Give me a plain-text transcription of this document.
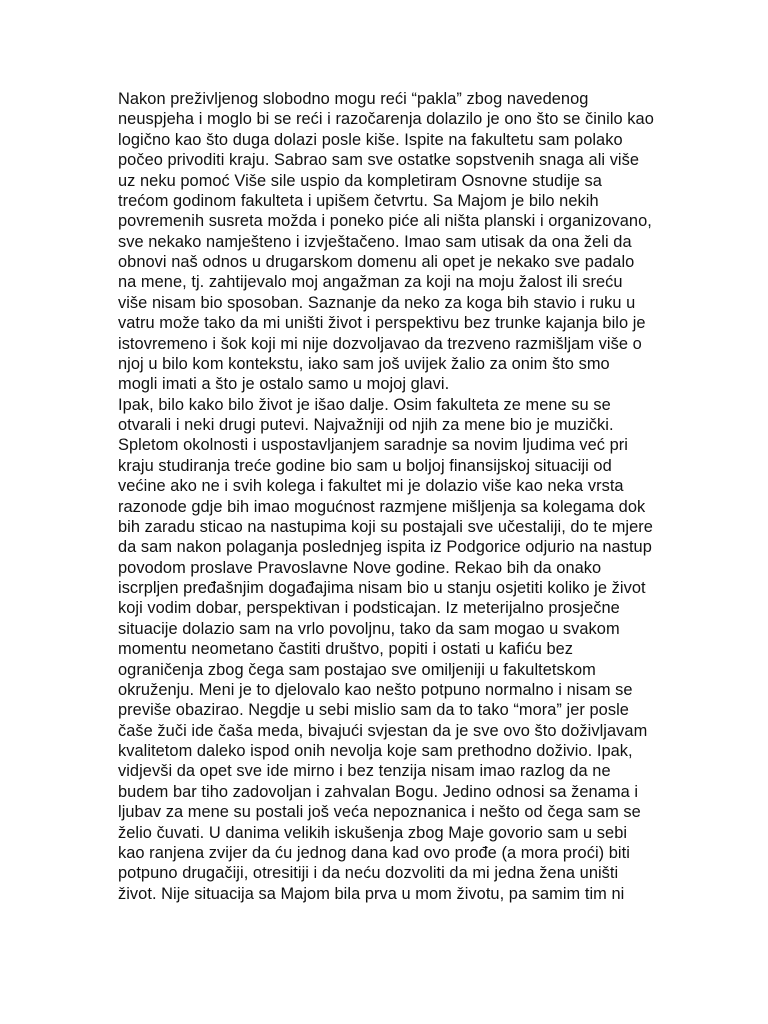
Nakon preživljenog slobodno mogu reći “pakla” zbog navedenog
neuspjeha i moglo bi se reći i razočarenja dolazilo je ono što se činilo kao
logično kao što duga dolazi posle kiše. Ispite na fakultetu sam polako
počeo privoditi kraju. Sabrao sam sve ostatke sopstvenih snaga ali više
uz neku pomoć Više sile uspio da kompletiram Osnovne studije sa
trećom godinom fakulteta i upišem četvrtu. Sa Majom je bilo nekih
povremenih susreta možda i poneko piće ali ništa planski i organizovano,
sve nekako namješteno i izvještačeno. Imao sam utisak da ona želi da
obnovi naš odnos u drugarskom domenu ali opet je nekako sve padalo
na mene, tj. zahtijevalo moj angažman za koji na moju žalost ili sreću
više nisam bio sposoban. Saznanje da neko za koga bih stavio i ruku u
vatru može tako da mi uništi život i perspektivu bez trunke kajanja bilo je
istovremeno i šok koji mi nije dozvoljavao da trezveno razmišljam više o
njoj u bilo kom kontekstu, iako sam još uvijek žalio za onim što smo
mogli imati a što je ostalo samo u mojoj glavi.
Ipak, bilo kako bilo život je išao dalje. Osim fakulteta ze mene su se
otvarali i neki drugi putevi. Najvažniji od njih za mene bio je muzički.
Spletom okolnosti i uspostavljanjem saradnje sa novim ljudima već pri
kraju studiranja treće godine bio sam u boljoj finansijskoj situaciji od
većine ako ne i svih kolega i fakultet mi je dolazio više kao neka vrsta
razonode gdje bih imao mogućnost razmjene mišljenja sa kolegama dok
bih zaradu sticao na nastupima koji su postajali sve učestaliji, do te mjere
da sam nakon polaganja poslednjeg ispita iz Podgorice odjurio na nastup
povodom proslave Pravoslavne Nove godine. Rekao bih da onako
iscrpljen prеđašnjim događajima nisam bio u stanju osjetiti koliko je život
koji vodim dobar, perspektivan i podsticajan. Iz meterijalno prosječne
situacije dolazio sam na vrlo povoljnu, tako da sam mogao u svakom
momentu neometano častiti društvo, popiti i ostati u kafiću bez
ograničenja zbog čega sam postajao sve omiljeniji u fakultetskom
okruženju. Meni je to djelovalo kao nešto potpuno normalno i nisam se
previše obazirao. Negdje u sebi mislio sam da to tako “mora” jer posle
čaše žuči ide čaša meda, bivajući svjestan da je sve ovo što doživljavam
kvalitetom daleko ispod onih nevolja koje sam prethodno doživio. Ipak,
vidjevši da opet sve ide mirno i bez tenzija nisam imao razlog da ne
budem bar tiho zadovoljan i zahvalan Bogu. Jedino odnosi sa ženama i
ljubav za mene su postali još veća nepoznanica i nešto od čega sam se
želio čuvati. U danima velikih iskušenja zbog Maje govorio sam u sebi
kao ranjena zvijer da ću jednog dana kad ovo prođe (a mora proći) biti
potpuno drugačiji, otresitiji i da neću dozvoliti da mi jedna žena uništi
život. Nije situacija sa Majom bila prva u mom životu, pa samim tim ni
